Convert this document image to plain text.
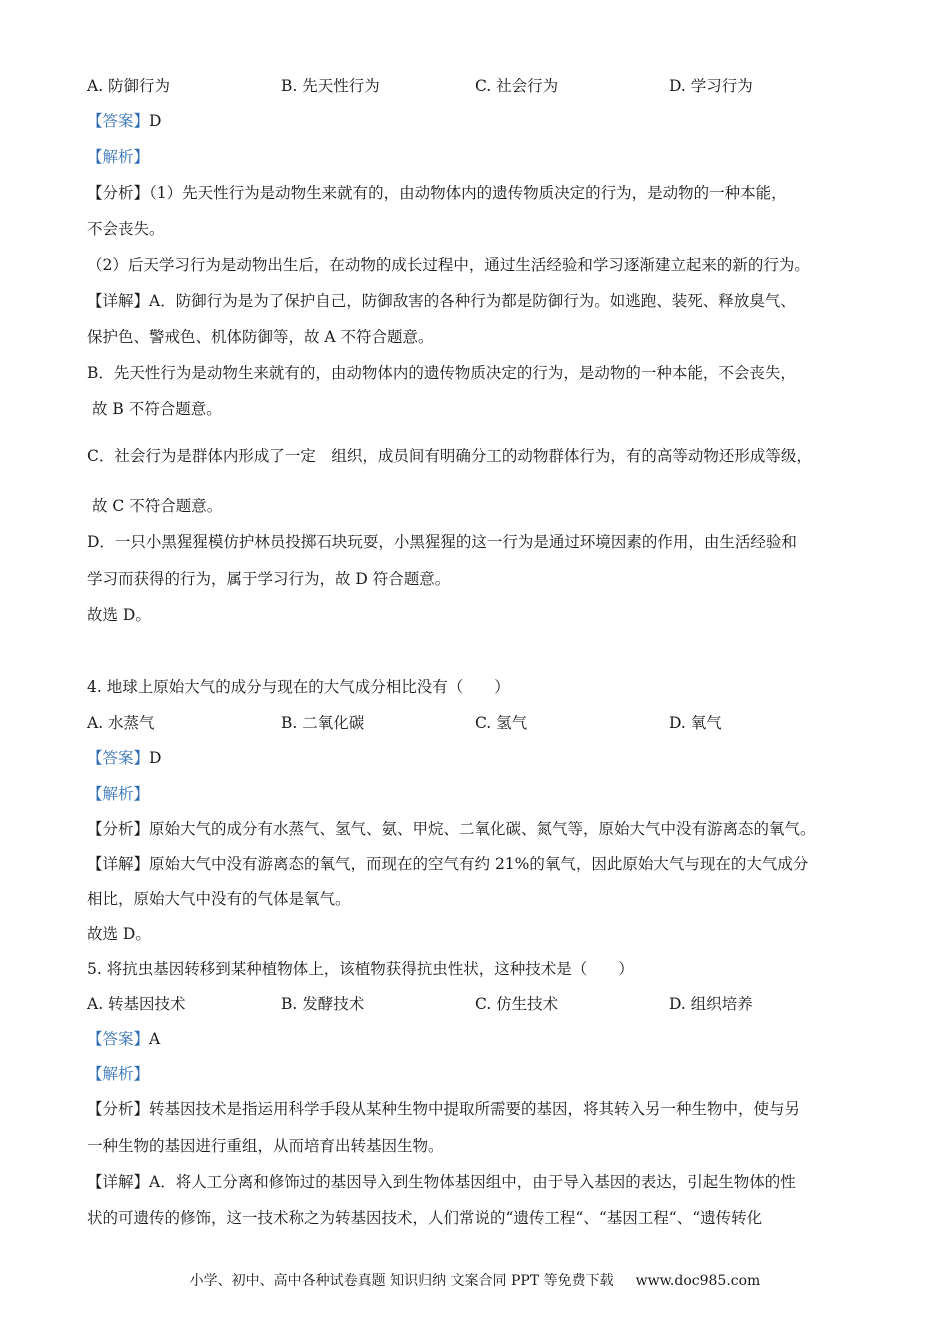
A. 防御行为	B. 先天性行为	C. 社会行为	D. 学习行为
【答案】D
【解析】
【分析】（1）先天性行为是动物生来就有的，由动物体内的遗传物质决定的行为，是动物的一种本能，
不会丧失。
（2）后天学习行为是动物出生后，在动物的成长过程中，通过生活经验和学习逐渐建立起来的新的行为。
【详解】A．防御行为是为了保护自己，防御敌害的各种行为都是防御行为。如逃跑、装死、释放臭气、
保护色、警戒色、机体防御等，故 A 不符合题意。
B．先天性行为是动物生来就有的，由动物体内的遗传物质决定的行为，是动物的一种本能，不会丧失，
故 B 不符合题意。
C．社会行为是群体内形成了一定　组织，成员间有明确分工的动物群体行为，有的高等动物还形成等级，
故 C 不符合题意。
D．一只小黑猩猩模仿护林员投掷石块玩耍，小黑猩猩的这一行为是通过环境因素的作用，由生活经验和
学习而获得的行为，属于学习行为，故 D 符合题意。
故选 D。
4. 地球上原始大气的成分与现在的大气成分相比没有（　　）
A. 水蒸气	B. 二氧化碳	C. 氢气	D. 氧气
【答案】D
【解析】
【分析】原始大气的成分有水蒸气、氢气、氨、甲烷、二氧化碳、氮气等，原始大气中没有游离态的氧气。
【详解】原始大气中没有游离态的氧气，而现在的空气有约 21%的氧气，因此原始大气与现在的大气成分
相比，原始大气中没有的气体是氧气。
故选 D。
5. 将抗虫基因转移到某种植物体上，该植物获得抗虫性状，这种技术是（　　）
A. 转基因技术	B. 发酵技术	C. 仿生技术	D. 组织培养
【答案】A
【解析】
【分析】转基因技术是指运用科学手段从某种生物中提取所需要的基因，将其转入另一种生物中，使与另
一种生物的基因进行重组，从而培育出转基因生物。
【详解】A．将人工分离和修饰过的基因导入到生物体基因组中，由于导入基因的表达，引起生物体的性
状的可遗传的修饰，这一技术称之为转基因技术，人们常说的“遗传工程“、“基因工程“、“遗传转化
小学、初中、高中各种试卷真题 知识归纳 文案合同 PPT 等免费下载 www.doc985.com
